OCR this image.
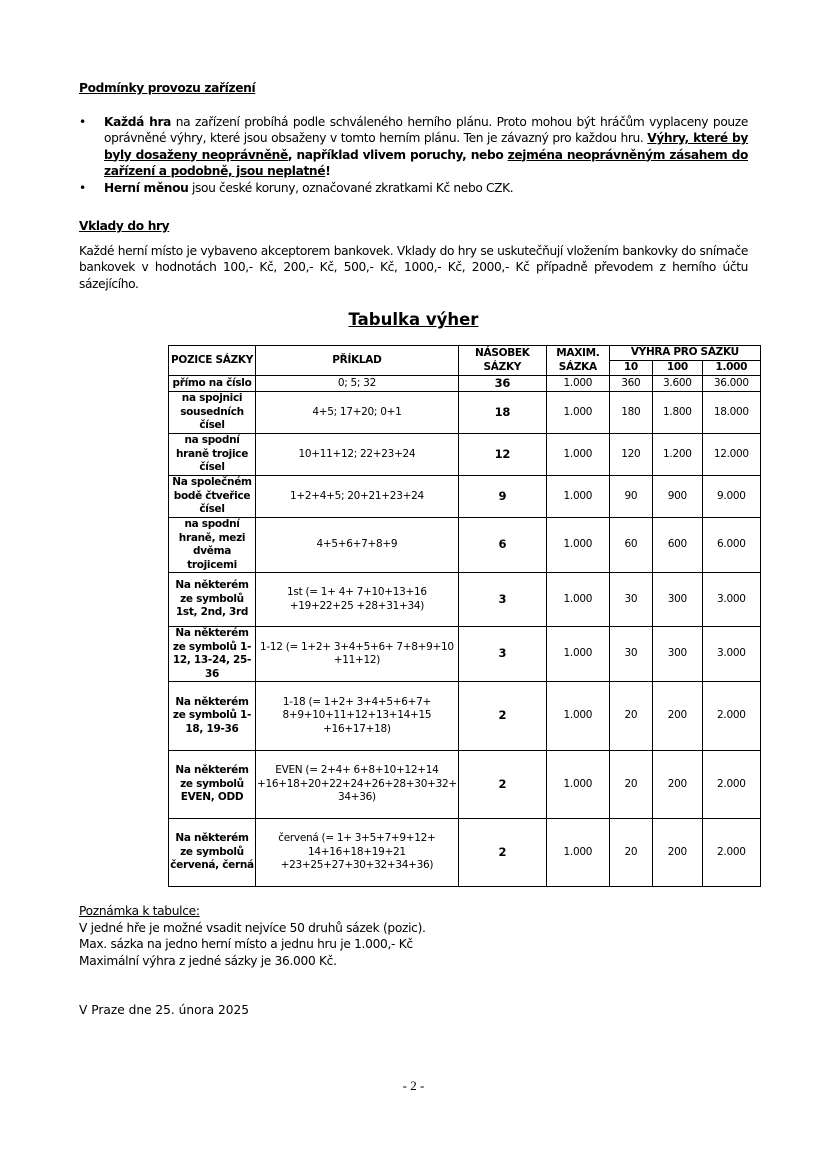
Podmínky provozu zařízení
• Každá hra na zařízení probíhá podle schváleného herního plánu. Proto mohou být hráčům vyplaceny pouze oprávněné výhry, které jsou obsaženy v tomto herním plánu. Ten je závazný pro každou hru. Výhry, které by byly dosaženy neoprávněně, například vlivem poruchy, nebo zejména neoprávněným zásahem do zařízení a podobně, jsou neplatné!
• Herní měnou jsou české koruny, označované zkratkami Kč nebo CZK.
Vklady do hry
Každé herní místo je vybaveno akceptorem bankovek. Vklady do hry se uskutečňují vložením bankovky do snímače bankovek v hodnotách 100,- Kč, 200,- Kč, 500,- Kč, 1000,- Kč, 2000,- Kč případně převodem z herního účtu sázejícího.
Tabulka výher
POZICE SÁZKY	PŘÍKLAD	NÁSOBEK SÁZKY	MAXIM. SÁZKA	VÝHRA PRO SÁZKU		
				10	100	1.000
přímo na číslo	0; 5; 32	36	1.000	360	3.600	36.000
na spojnici sousedních čísel	4+5; 17+20; 0+1	18	1.000	180	1.800	18.000
na spodní hraně trojice čísel	10+11+12; 22+23+24	12	1.000	120	1.200	12.000
Na společném bodě čtveřice čísel	1+2+4+5; 20+21+23+24	9	1.000	90	900	9.000
na spodní hraně, mezi dvěma trojicemi	4+5+6+7+8+9	6	1.000	60	600	6.000
Na některém ze symbolů 1st, 2nd, 3rd	1st (= 1+ 4+ 7+10+13+16 +19+22+25 +28+31+34)	3	1.000	30	300	3.000
Na některém ze symbolů 1-12, 13-24, 25-36	1-12 (= 1+2+ 3+4+5+6+ 7+8+9+10 +11+12)	3	1.000	30	300	3.000
Na některém ze symbolů 1-18, 19-36	1-18 (= 1+2+ 3+4+5+6+7+ 8+9+10+11+12+13+14+15 +16+17+18)	2	1.000	20	200	2.000
Na některém ze symbolů EVEN, ODD	EVEN (= 2+4+ 6+8+10+12+14 +16+18+20+22+24+26+28+30+32+ 34+36)	2	1.000	20	200	2.000
Na některém ze symbolů červená, černá	červená (= 1+ 3+5+7+9+12+ 14+16+18+19+21 +23+25+27+30+32+34+36)	2	1.000	20	200	2.000
Poznámka k tabulce:
V jedné hře je možné vsadit nejvíce 50 druhů sázek (pozic).
Max. sázka na jedno herní místo a jednu hru je 1.000,- Kč
Maximální výhra z jedné sázky je 36.000 Kč.
V Praze dne 25. února 2025
- 2 -
